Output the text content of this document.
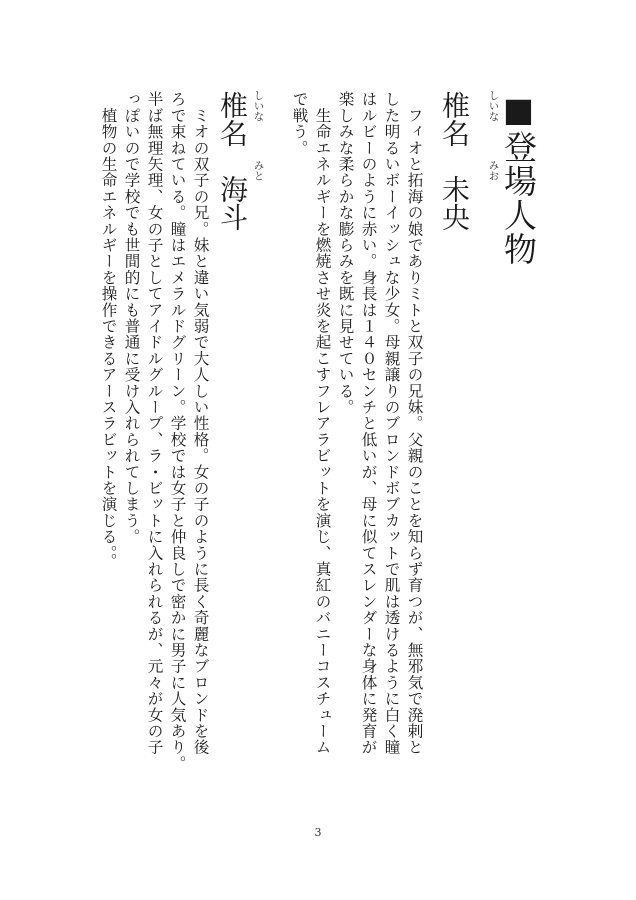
■登場人物
しいな
みお
椎名　未央
　フィオと拓海の娘でありミトと双子の兄妹。父親のことを知らず育つが、無邪気で溌剌と
した明るいボーイッシュな少女。母親譲りのブロンドボブカットで肌は透けるように白く瞳
はルビーのように赤い。身長は１４０センチと低いが、母に似てスレンダーな身体に発育が
楽しみな柔らかな膨らみを既に見せている。
　生命エネルギーを燃焼させ炎を起こすフレアラビットを演じ、真紅のバニーコスチューム
で戦う。
しいな
みと
椎名　海斗
　ミオの双子の兄。妹と違い気弱で大人しい性格。女の子のように長く奇麗なブロンドを後
ろで束ねている。瞳はエメラルドグリーン。学校では女子と仲良しで密かに男子に人気あり。
半ば無理矢理、女の子としてアイドルグループ、ラ・ビットに入れられるが、元々が女の子
っぽいので学校でも世間的にも普通に受け入れられてしまう。
　植物の生命エネルギーを操作できるアースラビットを演じる。。
3
